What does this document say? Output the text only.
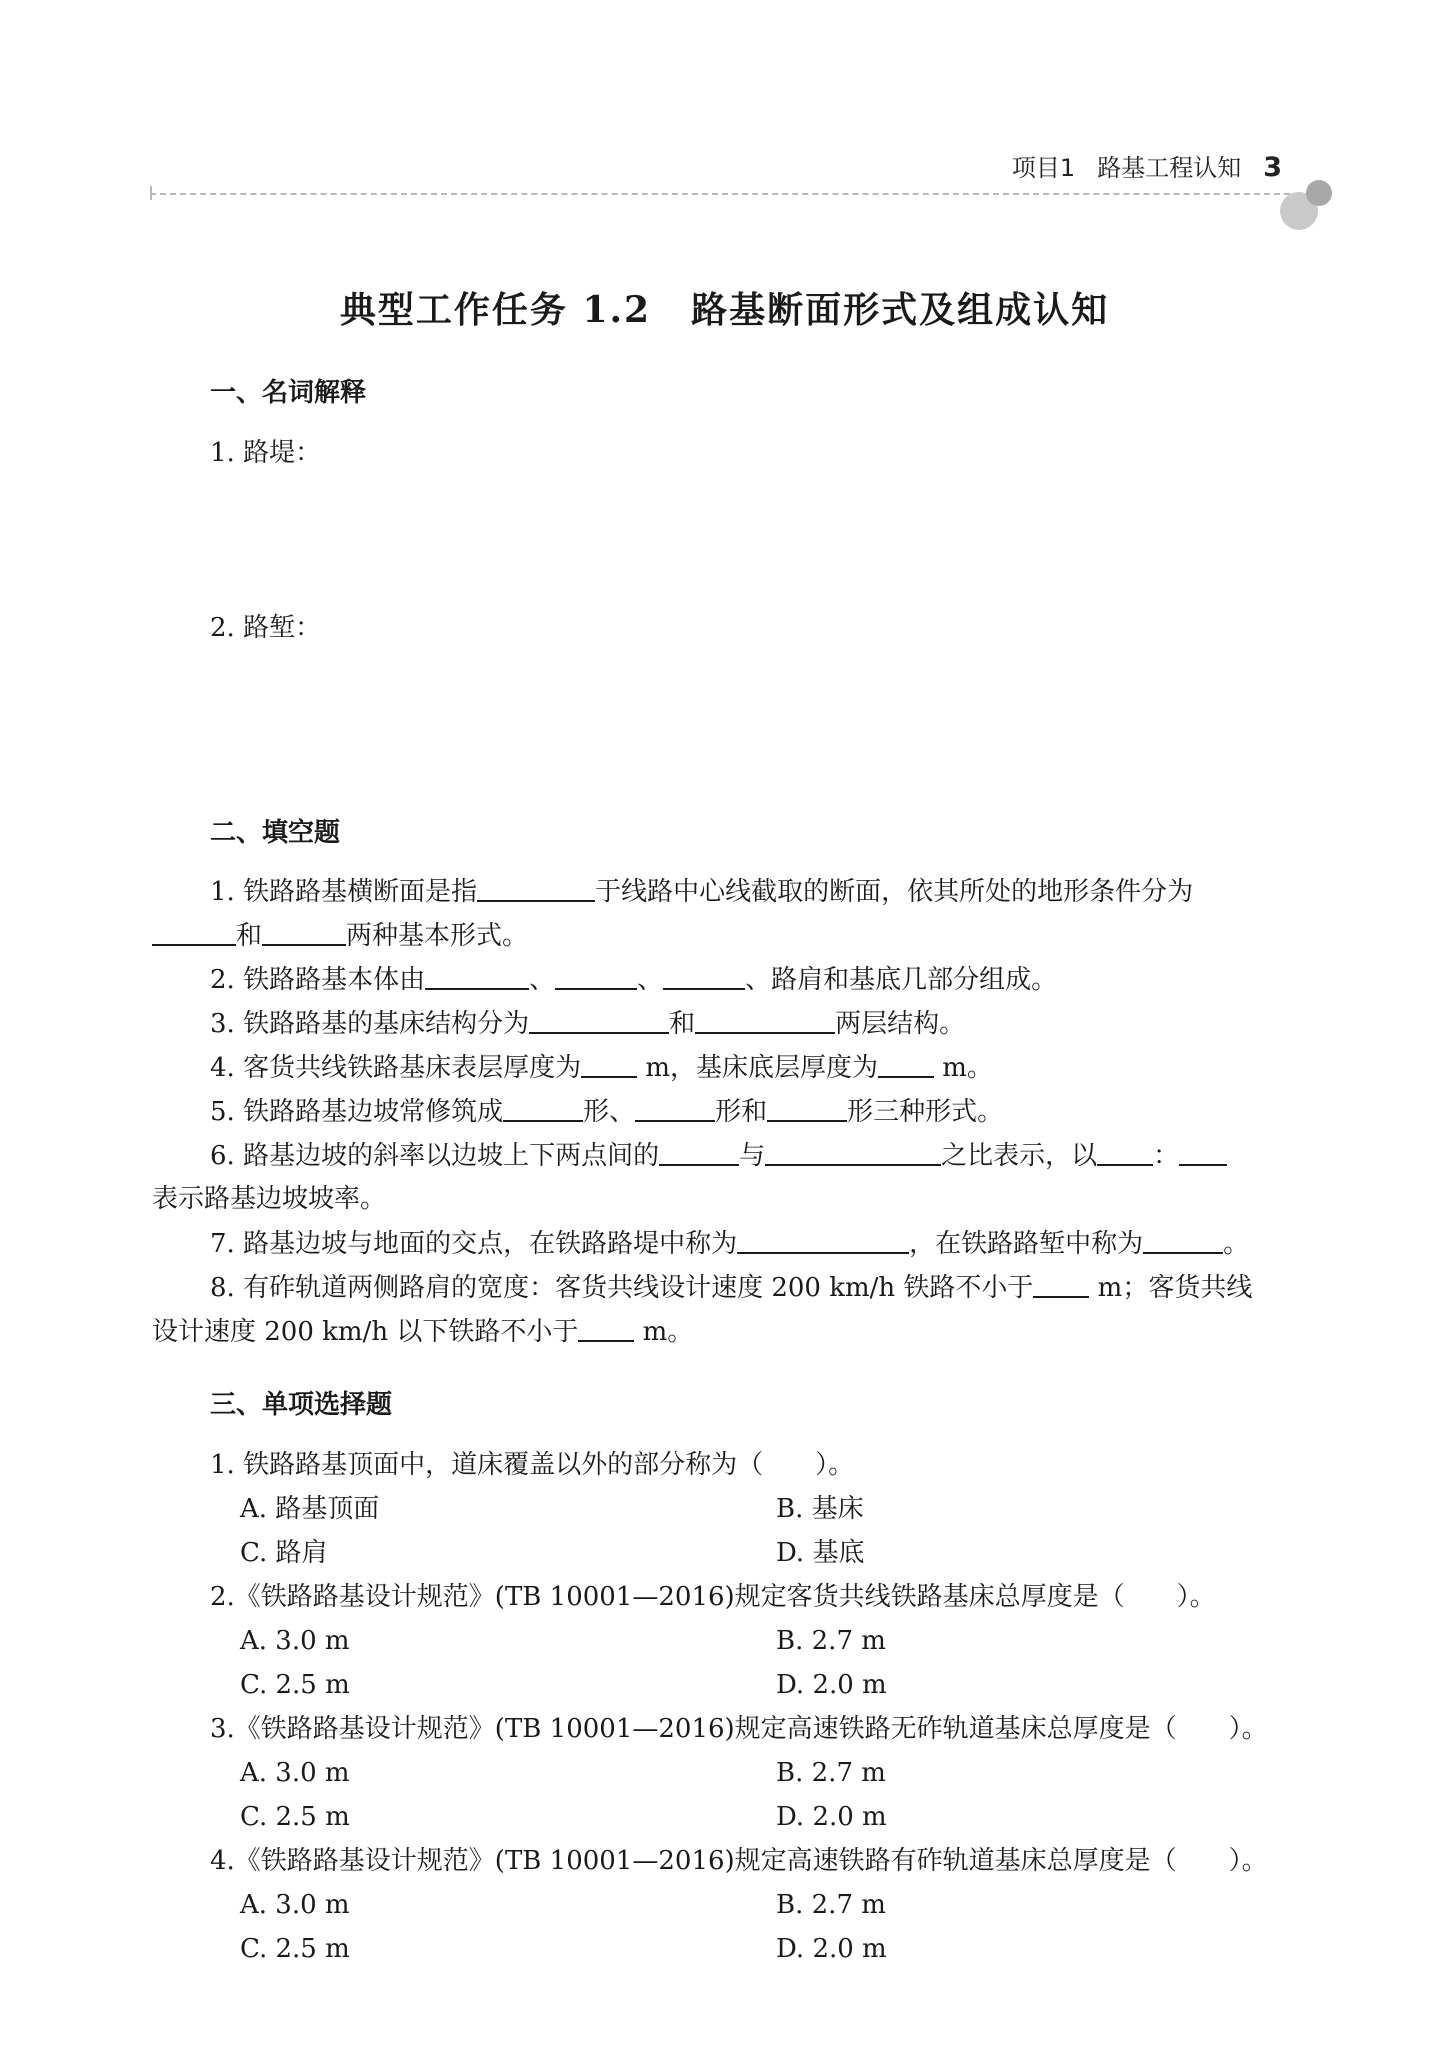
项目1 路基工程认知 3
典型工作任务 1.2 路基断面形式及组成认知
一、名词解释
1. 路堤：
2. 路堑：
二、填空题
1. 铁路路基横断面是指	于线路中心线截取的断面，依其所处的地形条件分为
和	两种基本形式。
2. 铁路路基本体由	、	、	、路肩和基底几部分组成。
3. 铁路路基的基床结构分为	和	两层结构。
4. 客货共线铁路基床表层厚度为 m，基床底层厚度为 m。
5. 铁路路基边坡常修筑成	形、	形和	形三种形式。
6. 路基边坡的斜率以边坡上下两点间的	与	之比表示，以 ：
表示路基边坡坡率。
7. 路基边坡与地面的交点，在铁路路堤中称为	，在铁路路堑中称为	。
8. 有砟轨道两侧路肩的宽度：客货共线设计速度 200 km/h 铁路不小于 m；客货共线
设计速度 200 km/h 以下铁路不小于 m。
三、单项选择题
1. 铁路路基顶面中，道床覆盖以外的部分称为（　　）。
A. 路基顶面	B. 基床
C. 路肩	D. 基底
2.《铁路路基设计规范》(TB 10001—2016)规定客货共线铁路基床总厚度是（　　）。
A. 3.0 m	B. 2.7 m
C. 2.5 m	D. 2.0 m
3.《铁路路基设计规范》(TB 10001—2016)规定高速铁路无砟轨道基床总厚度是（　　）。
A. 3.0 m	B. 2.7 m
C. 2.5 m	D. 2.0 m
4.《铁路路基设计规范》(TB 10001—2016)规定高速铁路有砟轨道基床总厚度是（　　）。
A. 3.0 m	B. 2.7 m
C. 2.5 m	D. 2.0 m
